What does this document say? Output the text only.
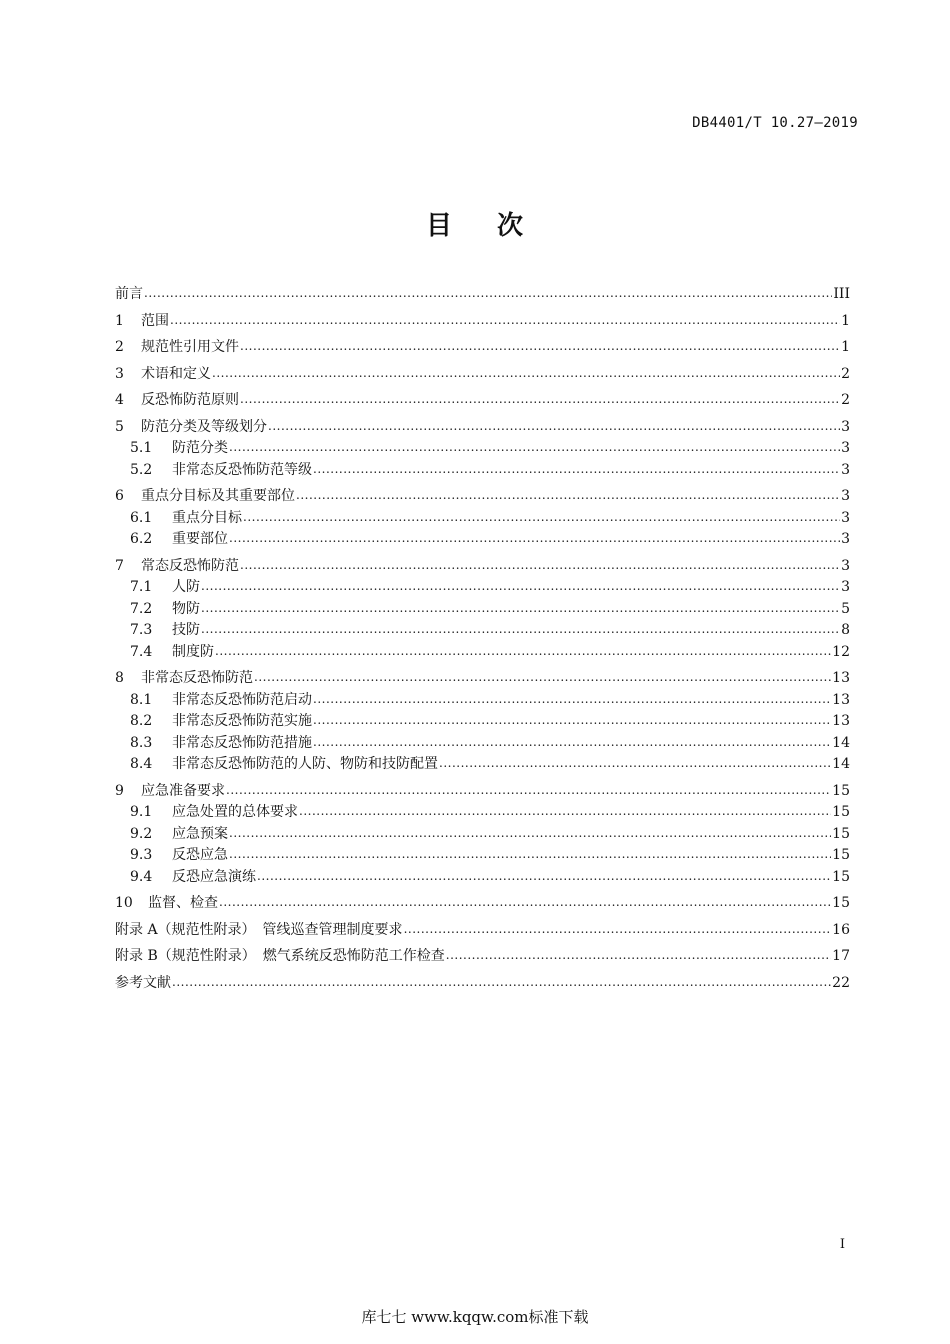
DB4401/T 10.27—2019
目 次
前言 .....	III
1	范围 .....	1
2	规范性引用文件 .....	1
3	术语和定义 .....	2
4	反恐怖防范原则 .....	2
5	防范分类及等级划分 .....	3
5.1	防范分类 .....	3
5.2	非常态反恐怖防范等级 .....	3
6	重点分目标及其重要部位 .....	3
6.1	重点分目标 .....	3
6.2	重要部位 .....	3
7	常态反恐怖防范 .....	3
7.1	人防 .....	3
7.2	物防 .....	5
7.3	技防 .....	8
7.4	制度防 .....	12
8	非常态反恐怖防范 .....	13
8.1	非常态反恐怖防范启动 .....	13
8.2	非常态反恐怖防范实施 .....	13
8.3	非常态反恐怖防范措施 .....	14
8.4	非常态反恐怖防范的人防、物防和技防配置 .....	14
9	应急准备要求 .....	15
9.1	应急处置的总体要求 .....	15
9.2	应急预案 .....	15
9.3	反恐应急 .....	15
9.4	反恐应急演练 .....	15
10	监督、检查 .....	15
附录 A（规范性附录）　管线巡查管理制度要求 .....	16
附录 B（规范性附录）　燃气系统反恐怖防范工作检查 .....	17
参考文献 .....	22
I
库七七 www.kqqw.com标准下载
